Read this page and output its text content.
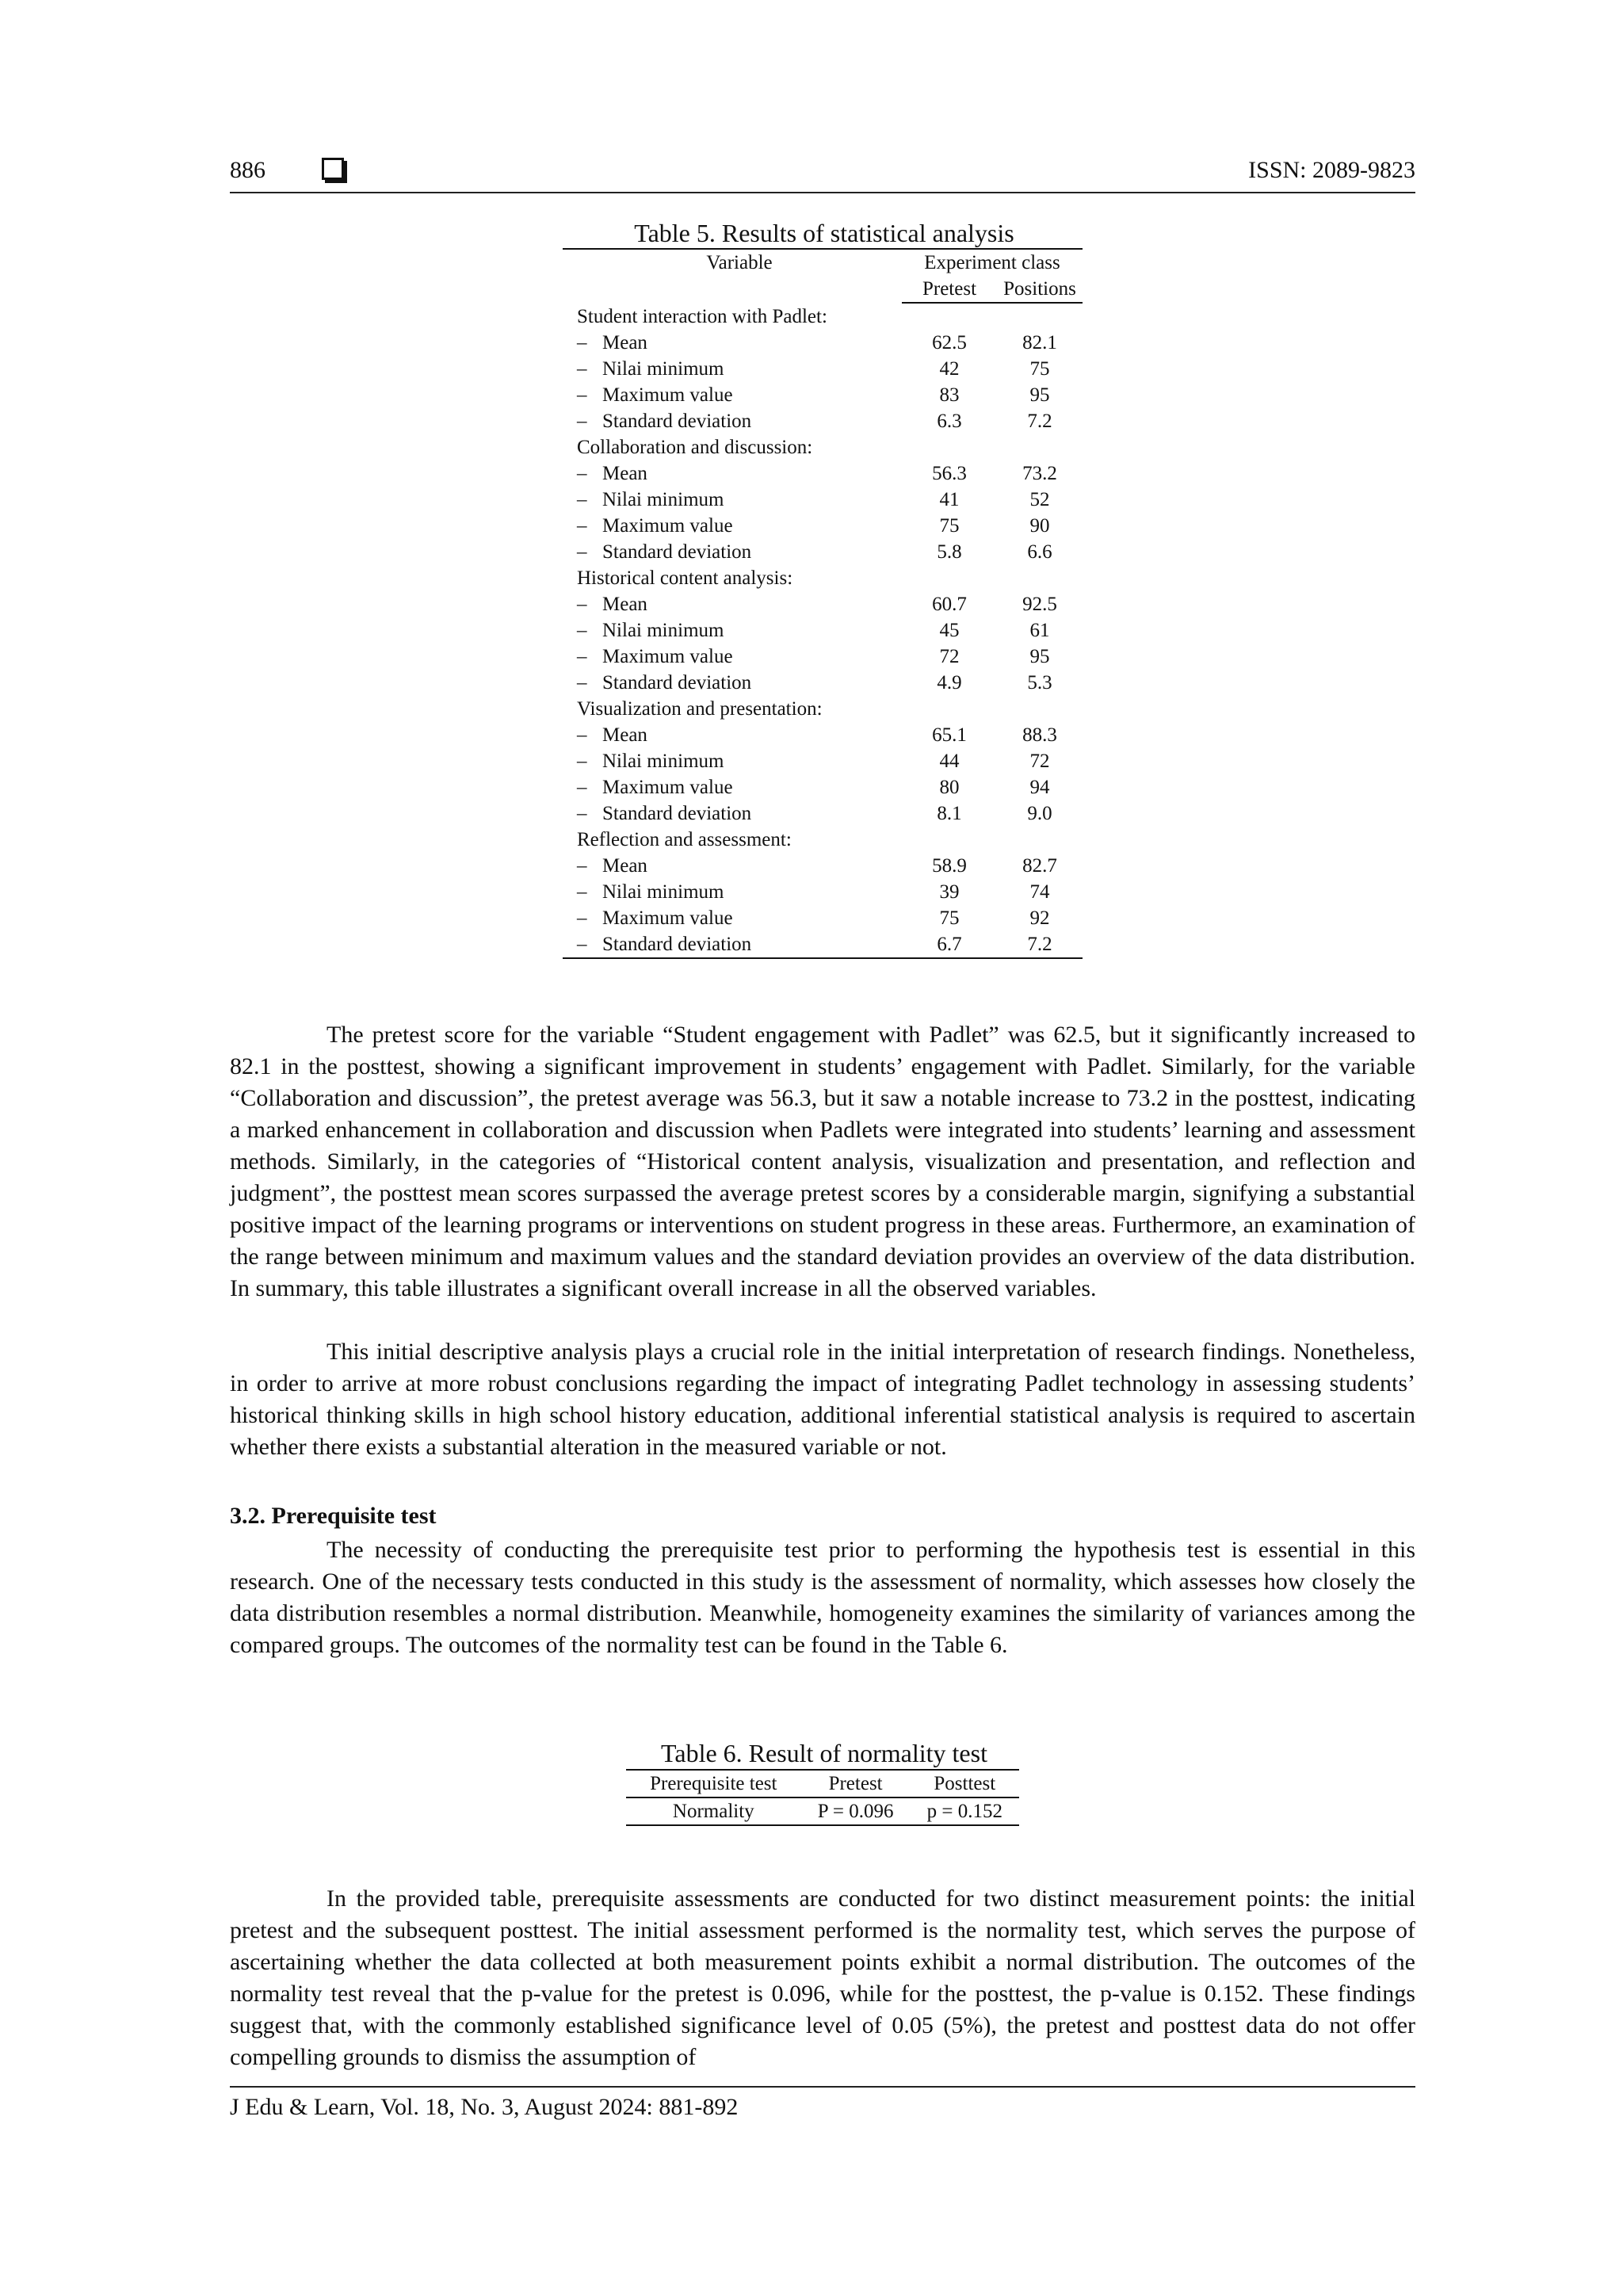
886	ISSN: 2089-9823
Table 5. Results of statistical analysis
Variable	Experiment class	
	Pretest	Positions
Student interaction with Padlet:		
– Mean	62.5	82.1
– Nilai minimum	42	75
– Maximum value	83	95
– Standard deviation	6.3	7.2
Collaboration and discussion:		
– Mean	56.3	73.2
– Nilai minimum	41	52
– Maximum value	75	90
– Standard deviation	5.8	6.6
Historical content analysis:		
– Mean	60.7	92.5
– Nilai minimum	45	61
– Maximum value	72	95
– Standard deviation	4.9	5.3
Visualization and presentation:		
– Mean	65.1	88.3
– Nilai minimum	44	72
– Maximum value	80	94
– Standard deviation	8.1	9.0
Reflection and assessment:		
– Mean	58.9	82.7
– Nilai minimum	39	74
– Maximum value	75	92
– Standard deviation	6.7	7.2

The pretest score for the variable “Student engagement with Padlet” was 62.5, but it significantly increased to 82.1 in the posttest, showing a significant improvement in students’ engagement with Padlet. Similarly, for the variable “Collaboration and discussion”, the pretest average was 56.3, but it saw a notable increase to 73.2 in the posttest, indicating a marked enhancement in collaboration and discussion when Padlets were integrated into students’ learning and assessment methods. Similarly, in the categories of “Historical content analysis, visualization and presentation, and reflection and judgment”, the posttest mean scores surpassed the average pretest scores by a considerable margin, signifying a substantial positive impact of the learning programs or interventions on student progress in these areas. Furthermore, an examination of the range between minimum and maximum values and the standard deviation provides an overview of the data distribution. In summary, this table illustrates a significant overall increase in all the observed variables.

This initial descriptive analysis plays a crucial role in the initial interpretation of research findings. Nonetheless, in order to arrive at more robust conclusions regarding the impact of integrating Padlet technology in assessing students’ historical thinking skills in high school history education, additional inferential statistical analysis is required to ascertain whether there exists a substantial alteration in the measured variable or not.

3.2. Prerequisite test

The necessity of conducting the prerequisite test prior to performing the hypothesis test is essential in this research. One of the necessary tests conducted in this study is the assessment of normality, which assesses how closely the data distribution resembles a normal distribution. Meanwhile, homogeneity examines the similarity of variances among the compared groups. The outcomes of the normality test can be found in the Table 6.

Table 6. Result of normality test
Prerequisite test	Pretest	Posttest
Normality	P = 0.096	p = 0.152

In the provided table, prerequisite assessments are conducted for two distinct measurement points: the initial pretest and the subsequent posttest. The initial assessment performed is the normality test, which serves the purpose of ascertaining whether the data collected at both measurement points exhibit a normal distribution. The outcomes of the normality test reveal that the p-value for the pretest is 0.096, while for the posttest, the p-value is 0.152. These findings suggest that, with the commonly established significance level of 0.05 (5%), the pretest and posttest data do not offer compelling grounds to dismiss the assumption of

J Edu & Learn, Vol. 18, No. 3, August 2024: 881-892
